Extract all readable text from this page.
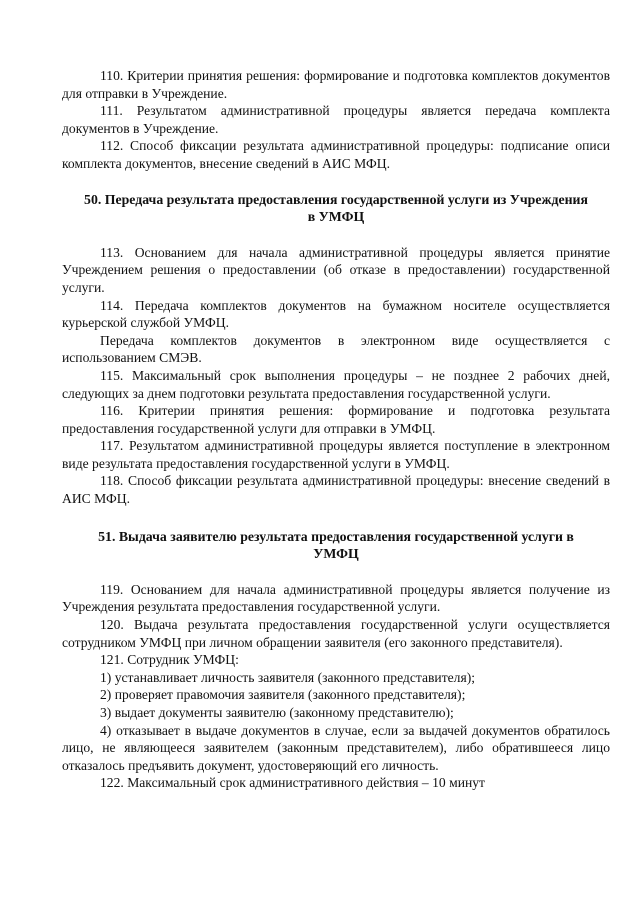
110. Критерии принятия решения: формирование и подготовка комплектов документов для отправки в Учреждение.

111. Результатом административной процедуры является передача комплекта документов в Учреждение.

112. Способ фиксации результата административной процедуры: подписание описи комплекта документов, внесение сведений в АИС МФЦ.

50. Передача результата предоставления государственной услуги из Учреждения в УМФЦ

113. Основанием для начала административной процедуры является принятие Учреждением решения о предоставлении (об отказе в предоставлении) государственной услуги.

114. Передача комплектов документов на бумажном носителе осуществляется курьерской службой УМФЦ.

Передача комплектов документов в электронном виде осуществляется с использованием СМЭВ.

115. Максимальный срок выполнения процедуры – не позднее 2 рабочих дней, следующих за днем подготовки результата предоставления государственной услуги.

116. Критерии принятия решения: формирование и подготовка результата предоставления государственной услуги для отправки в УМФЦ.

117. Результатом административной процедуры является поступление в электронном виде результата предоставления государственной услуги в УМФЦ.

118. Способ фиксации результата административной процедуры: внесение сведений в АИС МФЦ.

51. Выдача заявителю результата предоставления государственной услуги в УМФЦ

119. Основанием для начала административной процедуры является получение из Учреждения результата предоставления государственной услуги.

120. Выдача результата предоставления государственной услуги осуществляется сотрудником УМФЦ при личном обращении заявителя (его законного представителя).

121. Сотрудник УМФЦ:

1) устанавливает личность заявителя (законного представителя);

2) проверяет правомочия заявителя (законного представителя);

3) выдает документы заявителю (законному представителю);

4) отказывает в выдаче документов в случае, если за выдачей документов обратилось лицо, не являющееся заявителем (законным представителем), либо обратившееся лицо отказалось предъявить документ, удостоверяющий его личность.

122. Максимальный срок административного действия – 10 минут
